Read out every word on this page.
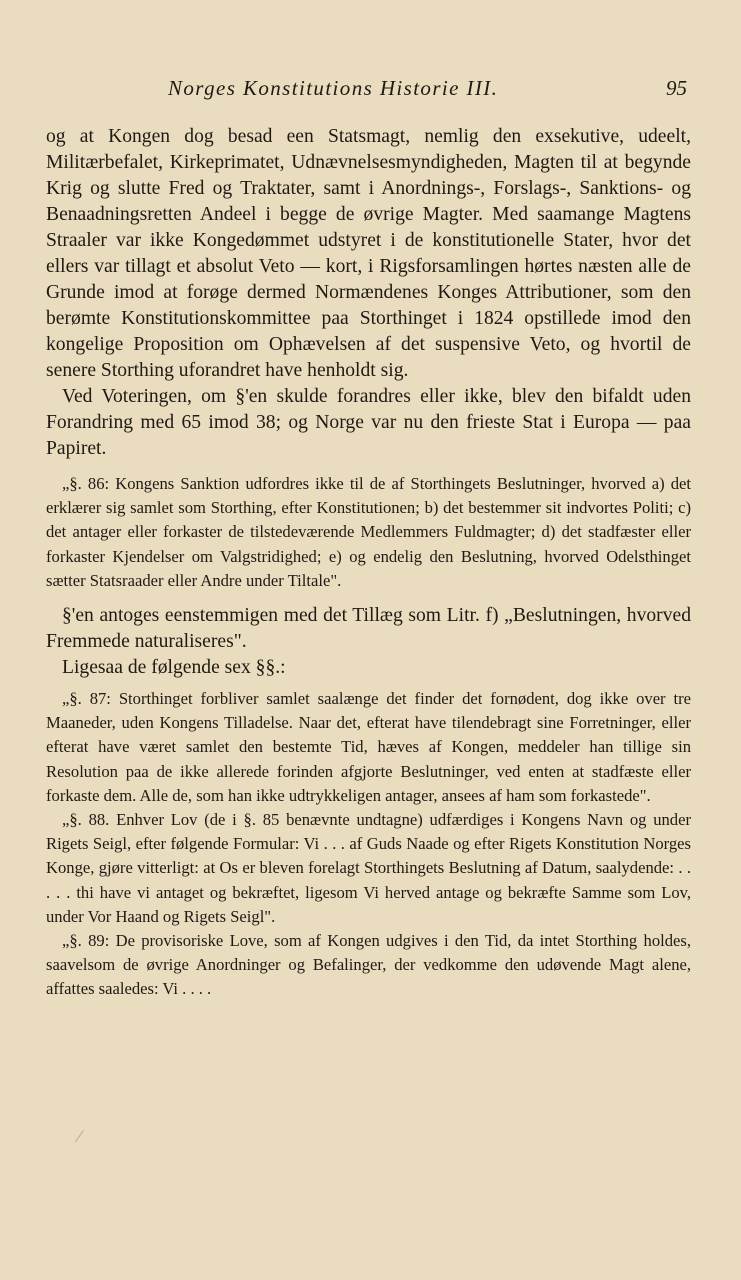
Norges Konstitutions Historie III.	95

og at Kongen dog besad een Statsmagt, nemlig den exsekutive, udeelt, Militærbefalet, Kirkeprimatet, Udnævnelsesmyndigheden, Magten til at begynde Krig og slutte Fred og Traktater, samt i Anordnings-, Forslags-, Sanktions- og Benaadningsretten Andeel i begge de øvrige Magter. Med saamange Magtens Straaler var ikke Kongedømmet udstyret i de konstitutionelle Stater, hvor det ellers var tillagt et absolut Veto — kort, i Rigsforsamlingen hørtes næsten alle de Grunde imod at forøge dermed Normændenes Konges Attributioner, som den berømte Konstitutionskommittee paa Storthinget i 1824 opstillede imod den kongelige Proposition om Ophævelsen af det suspensive Veto, og hvortil de senere Storthing uforandret have henholdt sig.

Ved Voteringen, om §'en skulde forandres eller ikke, blev den bifaldt uden Forandring med 65 imod 38; og Norge var nu den frieste Stat i Europa — paa Papiret.

„§. 86: Kongens Sanktion udfordres ikke til de af Storthingets Beslutninger, hvorved a) det erklærer sig samlet som Storthing, efter Konstitutionen; b) det bestemmer sit indvortes Politi; c) det antager eller forkaster de tilstedeværende Medlemmers Fuldmagter; d) det stadfæster eller forkaster Kjendelser om Valgstridighed; e) og endelig den Beslutning, hvorved Odelsthinget sætter Statsraader eller Andre under Tiltale".

§'en antoges eenstemmigen med det Tillæg som Litr. f) „Beslutningen, hvorved Fremmede naturaliseres".

Ligesaa de følgende sex §§.:

„§. 87: Storthinget forbliver samlet saalænge det finder det fornødent, dog ikke over tre Maaneder, uden Kongens Tilladelse. Naar det, efterat have tilendebragt sine Forretninger, eller efterat have været samlet den bestemte Tid, hæves af Kongen, meddeler han tillige sin Resolution paa de ikke allerede forinden afgjorte Beslutninger, ved enten at stadfæste eller forkaste dem. Alle de, som han ikke udtrykkeligen antager, ansees af ham som forkastede".

„§. 88. Enhver Lov (de i §. 85 benævnte undtagne) udfærdiges i Kongens Navn og under Rigets Seigl, efter følgende Formular: Vi . . . af Guds Naade og efter Rigets Konstitution Norges Konge, gjøre vitterligt: at Os er bleven forelagt Storthingets Beslutning af Datum, saalydende: . . . . . thi have vi antaget og bekræftet, ligesom Vi herved antage og bekræfte Samme som Lov, under Vor Haand og Rigets Seigl".

„§. 89: De provisoriske Love, som af Kongen udgives i den Tid, da intet Storthing holdes, saavelsom de øvrige Anordninger og Befalinger, der vedkomme den udøvende Magt alene, affattes saaledes: Vi . . . .
